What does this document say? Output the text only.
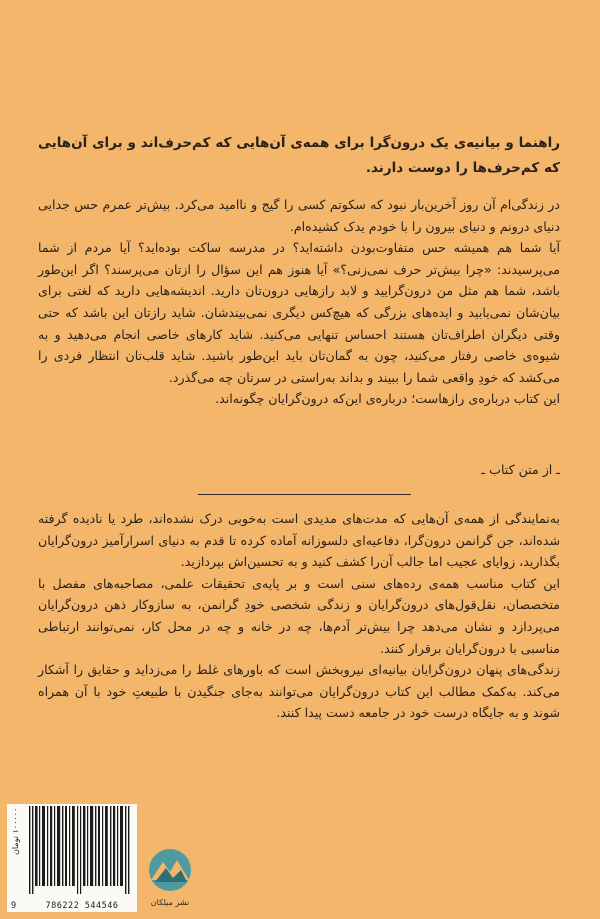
راهنما و بیانیه‌ی یک درون‌گرا برای همه‌ی آن‌هایی که کم‌حرف‌اند و برای آن‌هایی که کم‌حرف‌ها را دوست دارند.

در زندگی‌ام آن روز آخرین‌بار نبود که سکوتم کسی را گیج و ناامید می‌کرد. بیش‌تر عمرم حس جدایی دنیای درونم و دنیای بیرون را با خودم یدک کشیده‌ام.

آیا شما هم همیشه حس متفاوت‌بودن داشته‌اید؟ در مدرسه ساکت بوده‌اید؟ آیا مردم از شما می‌پرسیدند: «چرا بیش‌تر حرف نمی‌زنی؟» آیا هنوز هم این سؤال را ازتان می‌پرسند؟ اگر این‌طور باشد، شما هم مثل من درون‌گرایید و لابد رازهایی درون‌تان دارید. اندیشه‌هایی دارید که لغتی برای بیان‌شان نمی‌یابید و ایده‌های بزرگی که هیچ‌کس دیگری نمی‌بیندشان. شاید رازتان این باشد که حتی وقتی دیگران اطراف‌تان هستند احساس تنهایی می‌کنید. شاید کارهای خاصی انجام می‌دهید و به شیوه‌ی خاصی رفتار می‌کنید، چون به گمان‌تان باید این‌طور باشید. شاید قلب‌تان انتظار فردی را می‌کشد که خودِ واقعی شما را ببیند و بداند به‌راستی در سرتان چه می‌گذرد.

این کتاب درباره‌ی رازهاست؛ درباره‌ی این‌که درون‌گرایان چگونه‌اند.

ـ از متن کتاب ـ

به‌نمایندگی از همه‌ی آن‌هایی که مدت‌های مدیدی است به‌خوبی درک نشده‌اند، طرد یا نادیده گرفته شده‌اند، جن گرانمن درون‌گرا، دفاعیه‌ای دلسوزانه آماده کرده تا قدم به دنیای اسرارآمیز درون‌گرایان بگذارید، زوایای عجیب اما جالب آن‌را کشف کنید و به تحسین‌اش بپردازید.

این کتاب مناسب همه‌ی رده‌های سنی است و بر پایه‌ی تحقیقات علمی، مصاحبه‌های مفصل با متخصصان، نقل‌قول‌های درون‌گرایان و زندگی شخصی خودِ گرانمن، به سازوکار ذهن درون‌گرایان می‌پردازد و نشان می‌دهد چرا بیش‌تر آدم‌ها، چه در خانه و چه در محل کار، نمی‌توانند ارتباطی مناسبی با درون‌گرایان برقرار کنند.

زندگی‌های پنهان درون‌گرایان بیانیه‌ای نیروبخش است که باورهای غلط را می‌زداید و حقایق را آشکار می‌کند. به‌کمک مطالب این کتاب درون‌گرایان می‌توانند به‌جای جنگیدن با طبیعتِ خود با آن همراه شوند و به جایگاه درست خود در جامعه دست پیدا کنند.

۱۰۰۰۰۰ تومان
9	786222 544546	نشر میلکان
